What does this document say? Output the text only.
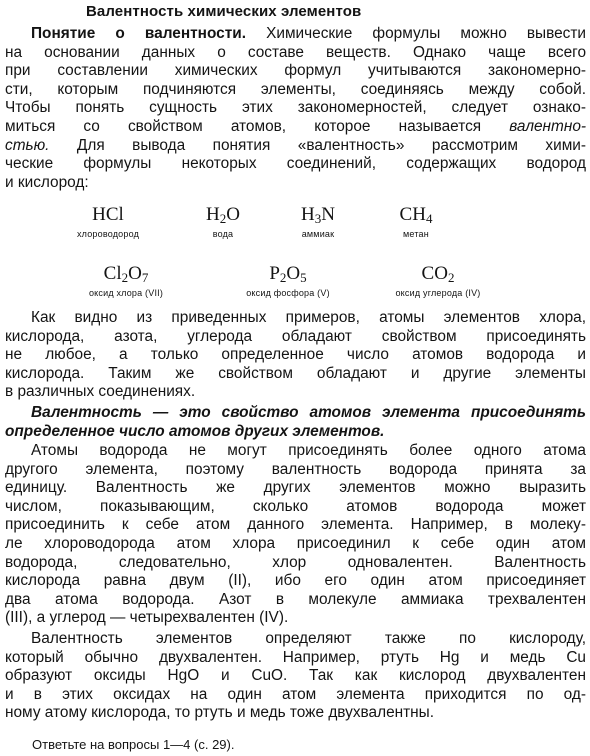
Валентность химических элементов
Понятие о валентности. Химические формулы можно вывести
на основании данных о составе веществ. Однако чаще всего
при составлении химических формул учитываются закономерно-
сти, которым подчиняются элементы, соединяясь между собой.
Чтобы понять сущность этих закономерностей, следует ознако-
миться со свойством атомов, которое называется валентно-
стью. Для вывода понятия «валентность» рассмотрим хими-
ческие формулы некоторых соединений, содержащих водород
и кислород:
HCl
хлороводород
$H_2O$
вода
$H_3N$
аммиак
$CH_4$
метан
$Cl_2O_7$
оксид хлора (VII)
$P_2O_5$
оксид фосфора (V)
$CO_2$
оксид углерода (IV)
Как видно из приведенных примеров, атомы элементов хлора,
кислорода, азота, углерода обладают свойством присоединять
не любое, а только определенное число атомов водорода и
кислорода. Таким же свойством обладают и другие элементы
в различных соединениях.
Валентность — это свойство атомов элемента присоединять
определенное число атомов других элементов.
Атомы водорода не могут присоединять более одного атома
другого элемента, поэтому валентность водорода принята за
единицу. Валентность же другиx элементов можно выразить
числом, показывающим, сколько атомов водорода может
присоединить к себе атом данного элемента. Например, в молеку-
ле хлороводорода атом хлора присоединил к себе один атом
водорода, следовательно, хлор одновалентен. Валентность
кислорода равна двум (II), ибо его один атом присоединяет
два атома водорода. Азот в молекуле аммиака трехвалентен
(III), а углерод — четырехвалентен (IV).
Валентность элементов определяют также по кислороду,
который обычно двухвалентен. Например, ртуть Hg и медь Cu
образуют оксиды HgO и CuO. Так как кислород двухвалентен
и в этих оксидах на один атом элемента приходится по од-
ному атому кислорода, то ртуть и медь тоже двухвалентны.
Ответьте на вопросы 1—4 (с. 29).
